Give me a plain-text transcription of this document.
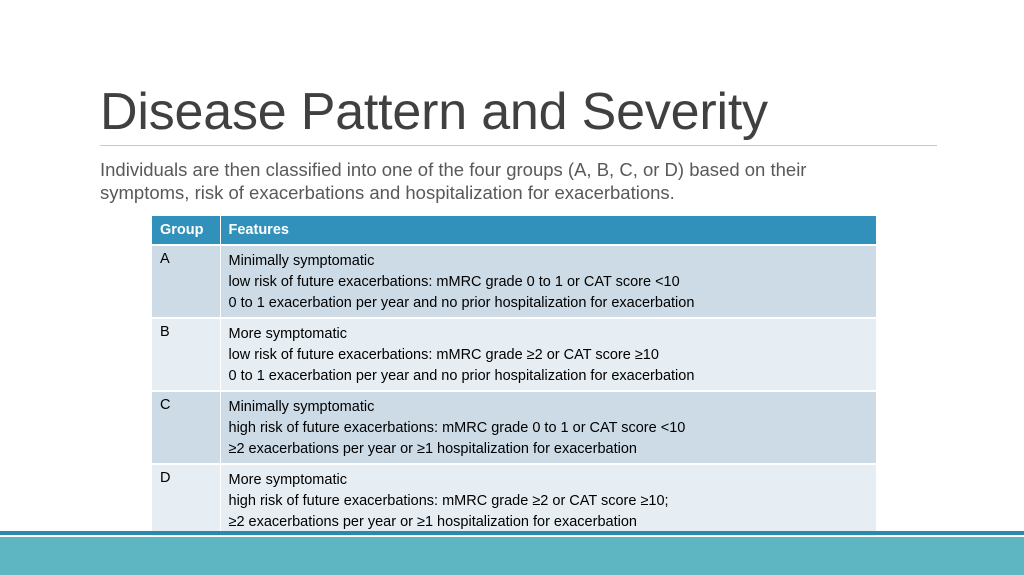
Disease Pattern and Severity
Individuals are then classified into one of the four groups (A, B, C, or D) based on their symptoms, risk of exacerbations and hospitalization for exacerbations.
Group	Features
A	Minimally symptomatic
low risk of future exacerbations: mMRC grade 0 to 1 or CAT score <10
0 to 1 exacerbation per year and no prior hospitalization for exacerbation

B	More symptomatic
low risk of future exacerbations: mMRC grade ≥2 or CAT score ≥10
0 to 1 exacerbation per year and no prior hospitalization for exacerbation

C	Minimally symptomatic
high risk of future exacerbations: mMRC grade 0 to 1 or CAT score <10
≥2 exacerbations per year or ≥1 hospitalization for exacerbation

D	More symptomatic
high risk of future exacerbations: mMRC grade ≥2 or CAT score ≥10;
≥2 exacerbations per year or ≥1 hospitalization for exacerbation
